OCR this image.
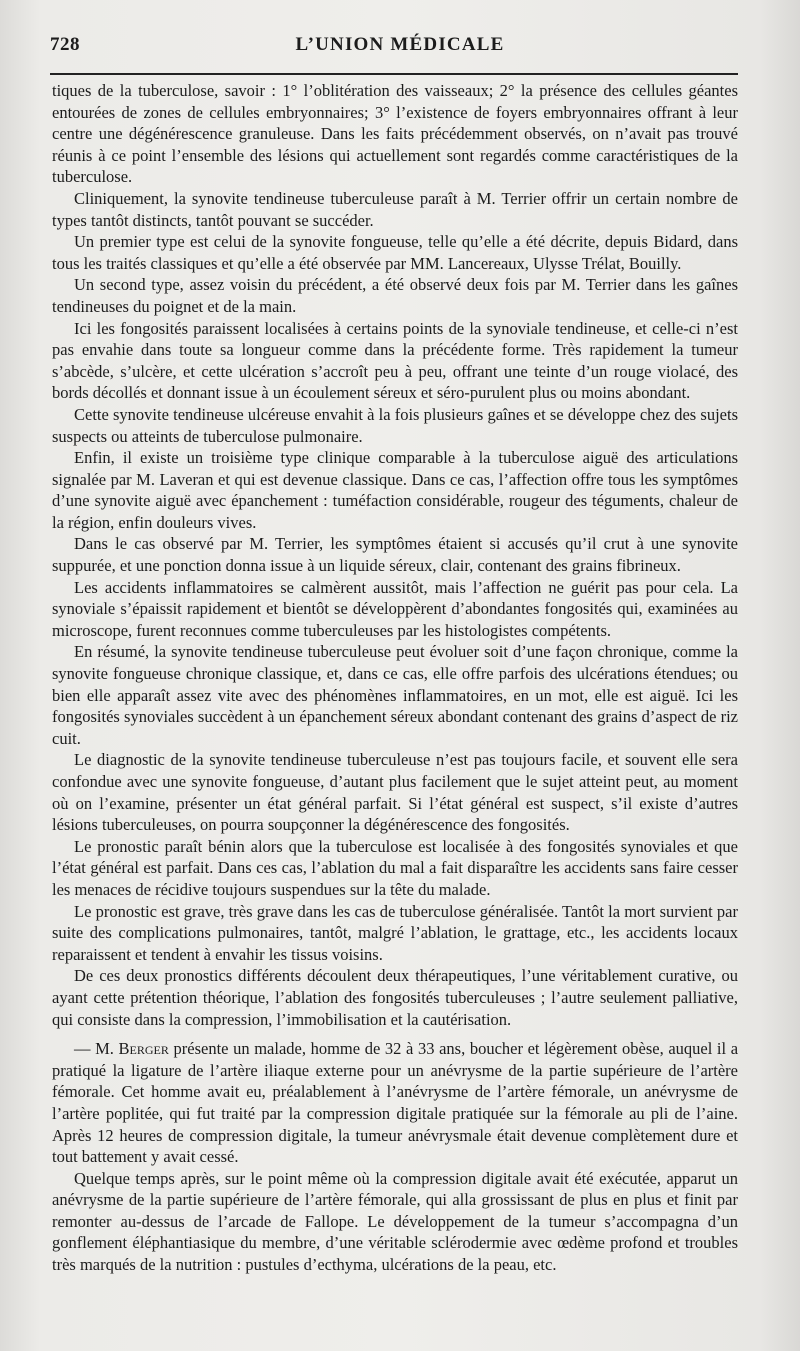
728	L’UNION MÉDICALE

tiques de la tuberculose, savoir : 1° l’oblitération des vaisseaux; 2° la présence des cellules géantes entourées de zones de cellules embryonnaires; 3° l’existence de foyers embryonnaires offrant à leur centre une dégénérescence granuleuse. Dans les faits précédemment observés, on n’avait pas trouvé réunis à ce point l’ensemble des lésions qui actuellement sont regardés comme caractéristiques de la tuberculose.

Cliniquement, la synovite tendineuse tuberculeuse paraît à M. Terrier offrir un certain nombre de types tantôt distincts, tantôt pouvant se succéder.

Un premier type est celui de la synovite fongueuse, telle qu’elle a été décrite, depuis Bidard, dans tous les traités classiques et qu’elle a été observée par MM. Lancereaux, Ulysse Trélat, Bouilly.

Un second type, assez voisin du précédent, a été observé deux fois par M. Terrier dans les gaînes tendineuses du poignet et de la main.

Ici les fongosités paraissent localisées à certains points de la synoviale tendineuse, et celle-ci n’est pas envahie dans toute sa longueur comme dans la précédente forme. Très rapidement la tumeur s’abcède, s’ulcère, et cette ulcération s’accroît peu à peu, offrant une teinte d’un rouge violacé, des bords décollés et donnant issue à un écoulement séreux et séro-purulent plus ou moins abondant.

Cette synovite tendineuse ulcéreuse envahit à la fois plusieurs gaînes et se développe chez des sujets suspects ou atteints de tuberculose pulmonaire.

Enfin, il existe un troisième type clinique comparable à la tuberculose aiguë des articulations signalée par M. Laveran et qui est devenue classique. Dans ce cas, l’affection offre tous les symptômes d’une synovite aiguë avec épanchement : tuméfaction considérable, rougeur des téguments, chaleur de la région, enfin douleurs vives.

Dans le cas observé par M. Terrier, les symptômes étaient si accusés qu’il crut à une synovite suppurée, et une ponction donna issue à un liquide séreux, clair, contenant des grains fibrineux.

Les accidents inflammatoires se calmèrent aussitôt, mais l’affection ne guérit pas pour cela. La synoviale s’épaissit rapidement et bientôt se développèrent d’abondantes fongosités qui, examinées au microscope, furent reconnues comme tuberculeuses par les histologistes compétents.

En résumé, la synovite tendineuse tuberculeuse peut évoluer soit d’une façon chronique, comme la synovite fongueuse chronique classique, et, dans ce cas, elle offre parfois des ulcérations étendues; ou bien elle apparaît assez vite avec des phénomènes inflammatoires, en un mot, elle est aiguë. Ici les fongosités synoviales succèdent à un épanchement séreux abondant contenant des grains d’aspect de riz cuit.

Le diagnostic de la synovite tendineuse tuberculeuse n’est pas toujours facile, et souvent elle sera confondue avec une synovite fongueuse, d’autant plus facilement que le sujet atteint peut, au moment où on l’examine, présenter un état général parfait. Si l’état général est suspect, s’il existe d’autres lésions tuberculeuses, on pourra soupçonner la dégénérescence des fongosités.

Le pronostic paraît bénin alors que la tuberculose est localisée à des fongosités synoviales et que l’état général est parfait. Dans ces cas, l’ablation du mal a fait disparaître les accidents sans faire cesser les menaces de récidive toujours suspendues sur la tête du malade.

Le pronostic est grave, très grave dans les cas de tuberculose généralisée. Tantôt la mort survient par suite des complications pulmonaires, tantôt, malgré l’ablation, le grattage, etc., les accidents locaux reparaissent et tendent à envahir les tissus voisins.

De ces deux pronostics différents découlent deux thérapeutiques, l’une véritablement curative, ou ayant cette prétention théorique, l’ablation des fongosités tuberculeuses ; l’autre seulement palliative, qui consiste dans la compression, l’immobilisation et la cautérisation.

— M. Berger présente un malade, homme de 32 à 33 ans, boucher et légèrement obèse, auquel il a pratiqué la ligature de l’artère iliaque externe pour un anévrysme de la partie supérieure de l’artère fémorale. Cet homme avait eu, préalablement à l’anévrysme de l’artère fémorale, un anévrysme de l’artère poplitée, qui fut traité par la compression digitale pratiquée sur la fémorale au pli de l’aine. Après 12 heures de compression digitale, la tumeur anévrysmale était devenue complètement dure et tout battement y avait cessé.

Quelque temps après, sur le point même où la compression digitale avait été exécutée, apparut un anévrysme de la partie supérieure de l’artère fémorale, qui alla grossissant de plus en plus et finit par remonter au-dessus de l’arcade de Fallope. Le développement de la tumeur s’accompagna d’un gonflement éléphantiasique du membre, d’une véritable sclérodermie avec œdème profond et troubles très marqués de la nutrition : pustules d’ecthyma, ulcérations de la peau, etc.
